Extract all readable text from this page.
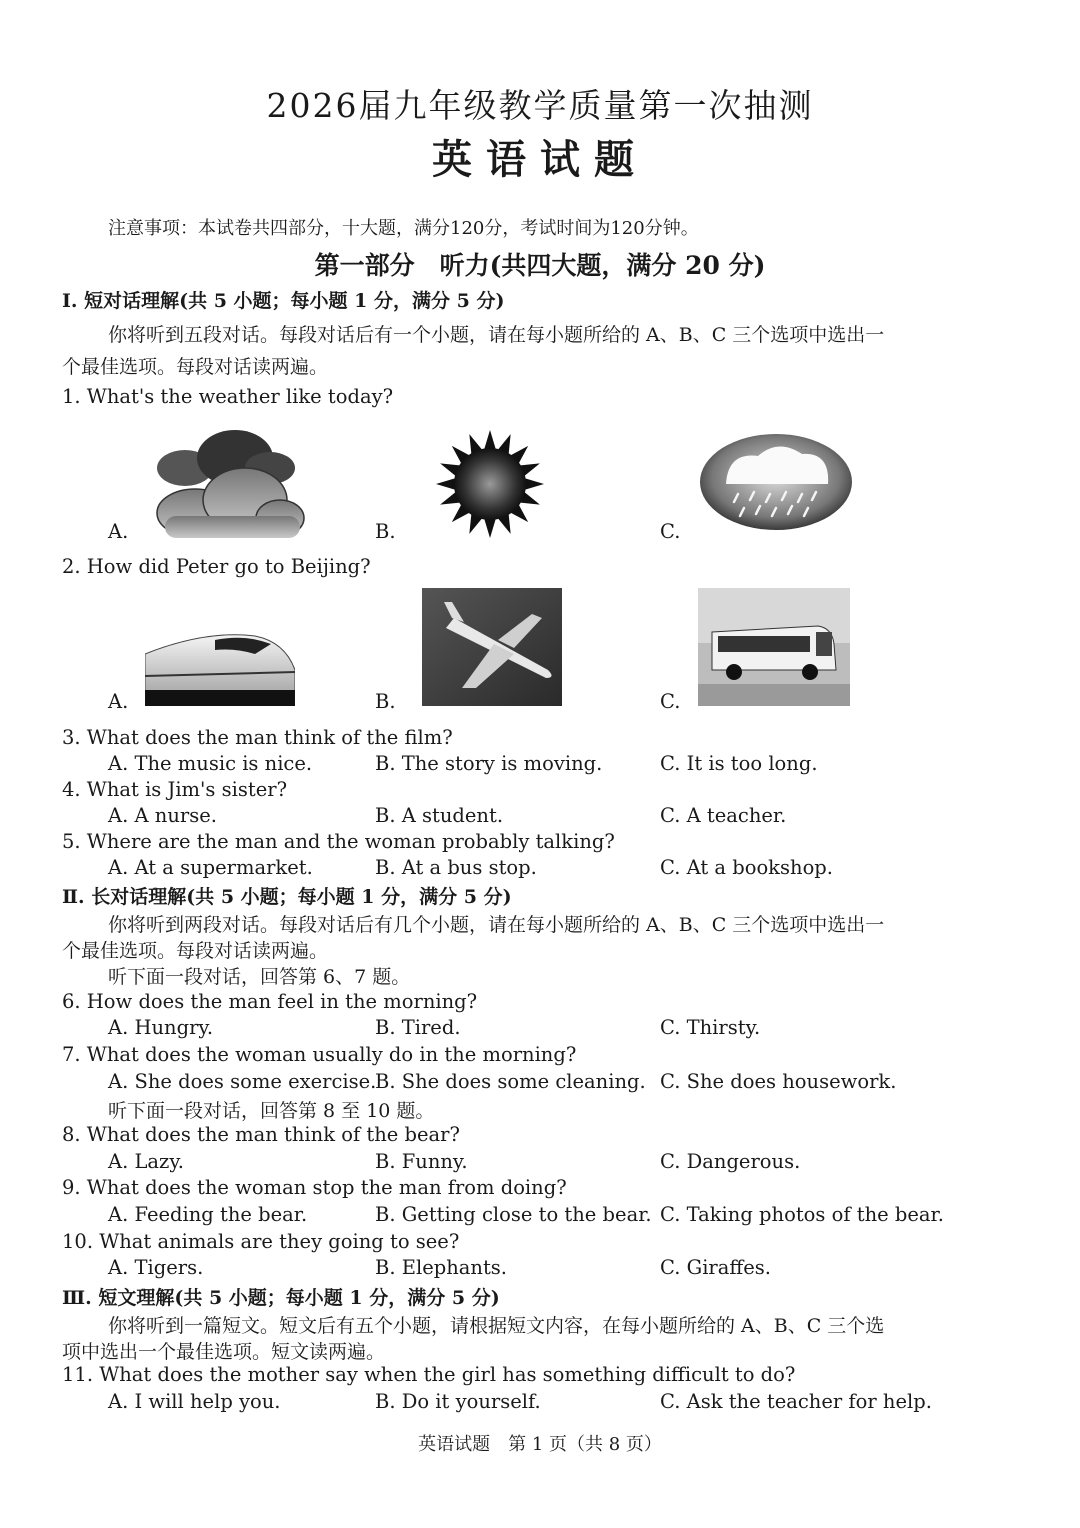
2026届九年级教学质量第一次抽测
英语试题
注意事项：本试卷共四部分，十大题，满分120分，考试时间为120分钟。
第一部分　听力(共四大题，满分 20 分)
I. 短对话理解(共 5 小题；每小题 1 分，满分 5 分)
你将听到五段对话。每段对话后有一个小题，请在每小题所给的 A、B、C 三个选项中选出一
个最佳选项。每段对话读两遍。
1. What's the weather like today?
A.	B.	C.
2. How did Peter go to Beijing?
A.	B.	C.
3. What does the man think of the film?
A. The music is nice.	B. The story is moving.	C. It is too long.
4. What is Jim's sister?
A. A nurse.	B. A student.	C. A teacher.
5. Where are the man and the woman probably talking?
A. At a supermarket.	B. At a bus stop.	C. At a bookshop.
Ⅱ. 长对话理解(共 5 小题；每小题 1 分，满分 5 分)
你将听到两段对话。每段对话后有几个小题，请在每小题所给的 A、B、C 三个选项中选出一
个最佳选项。每段对话读两遍。
听下面一段对话，回答第 6、7 题。
6. How does the man feel in the morning?
A. Hungry.	B. Tired.	C. Thirsty.
7. What does the woman usually do in the morning?
A. She does some exercise.
B. She does some cleaning. C. She does housework.
听下面一段对话，回答第 8 至 10 题。
8. What does the man think of the bear?
A. Lazy.	B. Funny.	C. Dangerous.
9. What does the woman stop the man from doing?
A. Feeding the bear.	B. Getting close to the bear. C. Taking photos of the bear.
10. What animals are they going to see?
A. Tigers.	B. Elephants.	C. Giraffes.
Ⅲ. 短文理解(共 5 小题；每小题 1 分，满分 5 分)
你将听到一篇短文。短文后有五个小题，请根据短文内容，在每小题所给的 A、B、C 三个选
项中选出一个最佳选项。短文读两遍。
11. What does the mother say when the girl has something difficult to do?
A. I will help you.	B. Do it yourself.	C. Ask the teacher for help.
英语试题　第 1 页（共 8 页）
